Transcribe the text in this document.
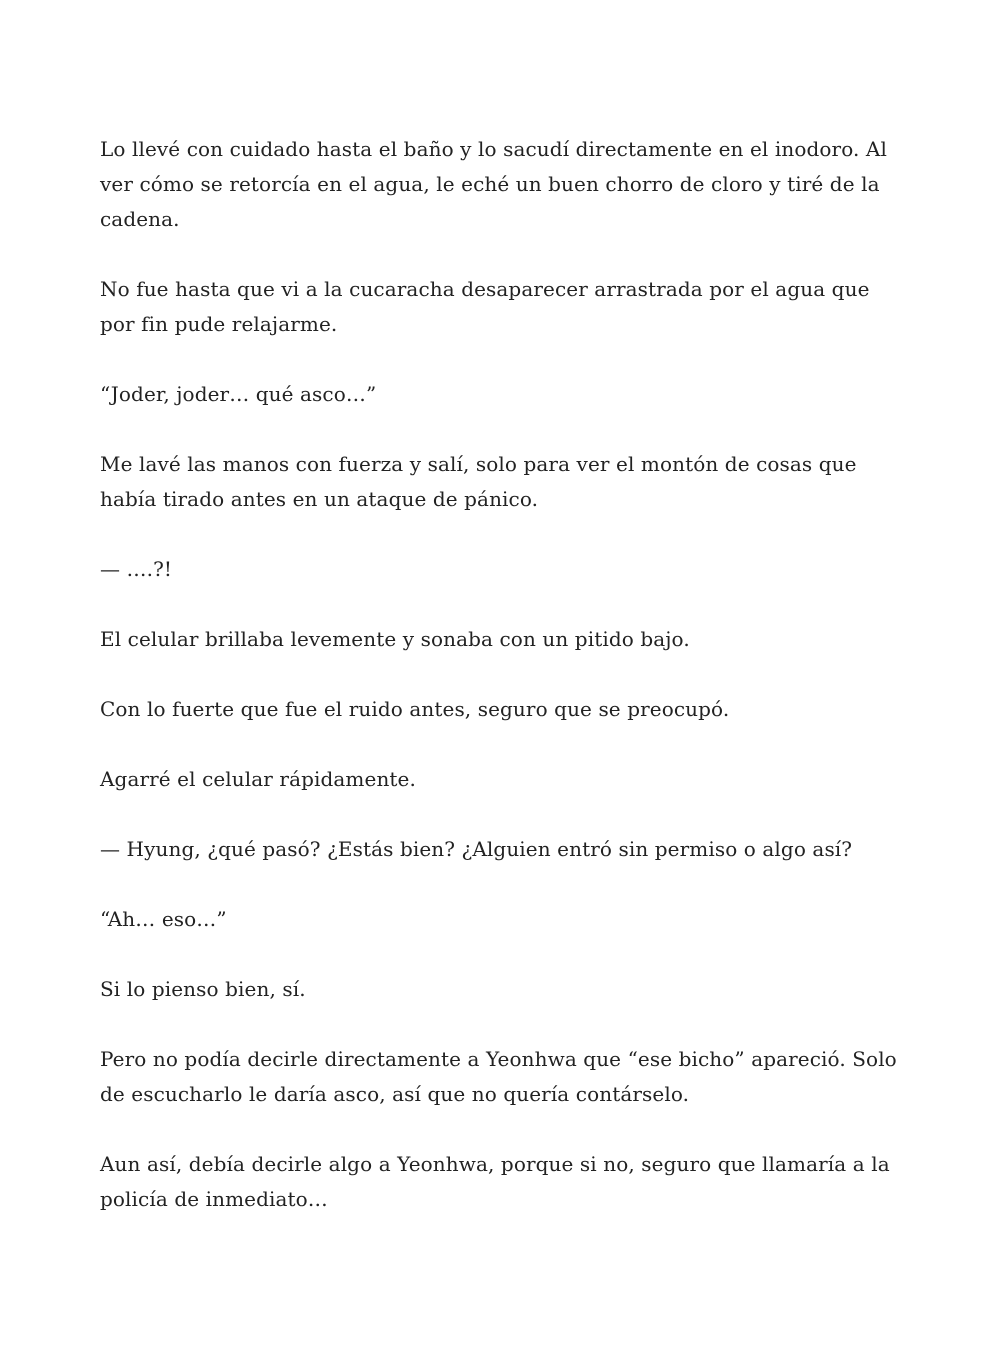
Lo llevé con cuidado hasta el baño y lo sacudí directamente en el inodoro. Al ver cómo se retorcía en el agua, le eché un buen chorro de cloro y tiré de la cadena.

No fue hasta que vi a la cucaracha desaparecer arrastrada por el agua que por fin pude relajarme.

“Joder, joder… qué asco…”

Me lavé las manos con fuerza y salí, solo para ver el montón de cosas que había tirado antes en un ataque de pánico.

— ….?!

El celular brillaba levemente y sonaba con un pitido bajo.

Con lo fuerte que fue el ruido antes, seguro que se preocupó.

Agarré el celular rápidamente.

— Hyung, ¿qué pasó? ¿Estás bien? ¿Alguien entró sin permiso o algo así?

“Ah… eso…”

Si lo pienso bien, sí.

Pero no podía decirle directamente a Yeonhwa que “ese bicho” apareció. Solo de escucharlo le daría asco, así que no quería contárselo.

Aun así, debía decirle algo a Yeonhwa, porque si no, seguro que llamaría a la policía de inmediato…
